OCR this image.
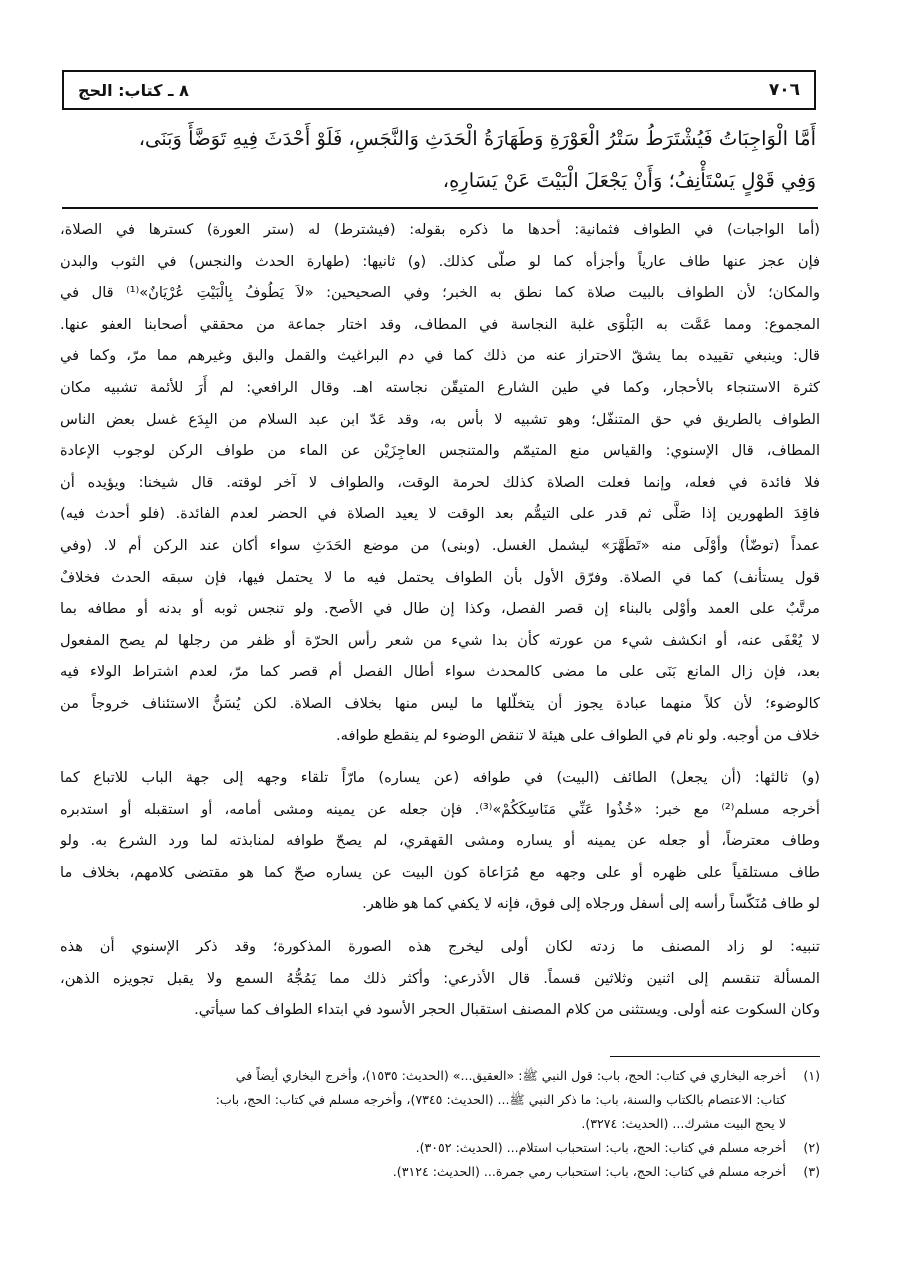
٨ ـ كتاب: الحج	٧٠٦
أَمَّا الْوَاجِبَاتُ فَيُشْتَرَطُ سَتْرُ الْعَوْرَةِ وَطَهَارَةُ الْحَدَثِ وَالنَّجَسِ، فَلَوْ أَحْدَثَ فِيهِ تَوَضَّأَ وَبَنَى،
وَفِي قَوْلٍ يَسْتَأْنِفُ؛ وَأَنْ يَجْعَلَ الْبَيْتَ عَنْ يَسَارِهِ،
(أما الواجبات) في الطواف فثمانية: أحدها ما ذكره بقوله: (فيشترط) له (ستر العورة) كسترها في الصلاة،
فإن عجز عنها طاف عارياً وأجزأه كما لو صلّى كذلك. (و) ثانيها: (طهارة الحدث والنجس) في الثوب والبدن
والمكان؛ لأن الطواف بالبيت صلاة كما نطق به الخبر؛ وفي الصحيحين: «لاَ يَطُوفُ بِالْبَيْتِ عُرْيَانٌ»⁽¹⁾ قال في
المجموع: ومما عَمَّت به البَلْوَى غلبة النجاسة في المطاف، وقد اختار جماعة من محققي أصحابنا العفو عنها.
قال: وينبغي تقييده بما يشقّ الاحتراز عنه من ذلك كما في دم البراغيث والقمل والبق وغيرهم مما مرّ، وكما في
كثرة الاستنجاء بالأحجار، وكما في طين الشارع المتيقّن نجاسته اهـ. وقال الرافعي: لم أَرَ للأئمة تشبيه مكان
الطواف بالطريق في حق المتنفّل؛ وهو تشبيه لا بأس به، وقد عَدّ ابن عبد السلام من البِدَع غسل بعض الناس
المطاف، قال الإسنوي: والقياس منع المتيمّم والمتنجس العاجِزَيْن عن الماء من طواف الركن لوجوب الإعادة
فلا فائدة في فعله، وإنما فعلت الصلاة كذلك لحرمة الوقت، والطواف لا آخر لوقته. قال شيخنا: ويؤيده أن
فاقِدَ الطهورين إذا صَلَّى ثم قدر على التيمُّم بعد الوقت لا يعيد الصلاة في الحضر لعدم الفائدة. (فلو أحدث فيه)
عمداً (توضّأ) وأوْلَى منه «تَطَهَّرَ» ليشمل الغسل. (وبنى) من موضع الحَدَثِ سواء أكان عند الركن أم لا. (وفي
قول يستأنف) كما في الصلاة. وفرّق الأول بأن الطواف يحتمل فيه ما لا يحتمل فيها، فإن سبقه الحدث فخلافٌ
مرتَّبٌ على العمد وأوْلى بالبناء إن قصر الفصل، وكذا إن طال في الأصح. ولو تنجس ثوبه أو بدنه أو مطافه بما
لا يُعْفَى عنه، أو انكشف شيء من عورته كأن بدا شيء من شعر رأس الحرّة أو ظفر من رجلها لم يصح المفعول
بعد، فإن زال المانع بَنَى على ما مضى كالمحدث سواء أطال الفصل أم قصر كما مرّ، لعدم اشتراط الولاء فيه
كالوضوء؛ لأن كلاً منهما عبادة يجوز أن يتخلّلها ما ليس منها بخلاف الصلاة. لكن يُسَنُّ الاستئناف خروجاً من
خلاف من أوجبه. ولو نام في الطواف على هيئة لا تنقض الوضوء لم ينقطع طوافه.
(و) ثالثها: (أن يجعل) الطائف (البيت) في طوافه (عن يساره) مارّاً تلقاء وجهه إلى جهة الباب للاتباع كما
أخرجه مسلم⁽²⁾ مع خبر: «خُذُوا عَنِّي مَنَاسِكَكُمْ»⁽³⁾. فإن جعله عن يمينه ومشى أمامه، أو استقبله أو استدبره
وطاف معترضاً، أو جعله عن يمينه أو يساره ومشى القهقري، لم يصحّ طوافه لمنابذته لما ورد الشرع به. ولو
طاف مستلقياً على ظهره أو على وجهه مع مُرَاعاة كون البيت عن يساره صحّ كما هو مقتضى كلامهم، بخلاف ما
لو طاف مُنَكّساً رأسه إلى أسفل ورجلاه إلى فوق، فإنه لا يكفي كما هو ظاهر.
تنبيه: لو زاد المصنف ما زدته لكان أولى ليخرج هذه الصورة المذكورة؛ وقد ذكر الإسنوي أن هذه
المسألة تنقسم إلى اثنين وثلاثين قسماً. قال الأذرعي: وأكثر ذلك مما يَمُجُّهُ السمع ولا يقبل تجويزه الذهن،
وكان السكوت عنه أولى. ويستثنى من كلام المصنف استقبال الحجر الأسود في ابتداء الطواف كما سيأتي.
(١)
أخرجه البخاري في كتاب: الحج، باب: قول النبي ﷺ: «العقيق...» (الحديث: ١٥٣٥)، وأخرج البخاري أيضاً في
كتاب: الاعتصام بالكتاب والسنة، باب: ما ذكر النبي ﷺ... (الحديث: ٧٣٤٥)، وأخرجه مسلم في كتاب: الحج، باب:
لا يحج البيت مشرك... (الحديث: ٣٢٧٤).
(٢)
أخرجه مسلم في كتاب: الحج، باب: استحباب استلام... (الحديث: ٣٠٥٢).
(٣)
أخرجه مسلم في كتاب: الحج، باب: استحباب رمي جمرة... (الحديث: ٣١٢٤).
